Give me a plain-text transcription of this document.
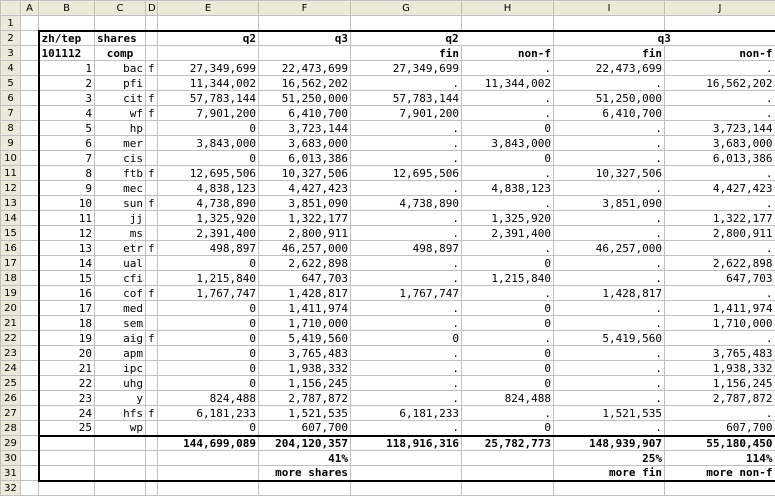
	A	B	C	D	E	F	G	H	I	J
1										
2		zh/tep	shares		q2	q3	q2		q3	
3		101112	comp				fin	non-f	fin	non-f
4		1	bac	f	27,349,699	22,473,699	27,349,699	.	22,473,699	.
5		2	pfi		11,344,002	16,562,202	.	11,344,002	.	16,562,202
6		3	cit	f	57,783,144	51,250,000	57,783,144	.	51,250,000	.
7		4	wf	f	7,901,200	6,410,700	7,901,200	.	6,410,700	.
8		5	hp		0	3,723,144	.	0	.	3,723,144
9		6	mer		3,843,000	3,683,000	.	3,843,000	.	3,683,000
10		7	cis		0	6,013,386	.	0	.	6,013,386
11		8	ftb	f	12,695,506	10,327,506	12,695,506	.	10,327,506	.
12		9	mec		4,838,123	4,427,423	.	4,838,123	.	4,427,423
13		10	sun	f	4,738,890	3,851,090	4,738,890	.	3,851,090	.
14		11	jj		1,325,920	1,322,177	.	1,325,920	.	1,322,177
15		12	ms		2,391,400	2,800,911	.	2,391,400	.	2,800,911
16		13	etr	f	498,897	46,257,000	498,897	.	46,257,000	.
17		14	ual		0	2,622,898	.	0	.	2,622,898
18		15	cfi		1,215,840	647,703	.	1,215,840	.	647,703
19		16	cof	f	1,767,747	1,428,817	1,767,747	.	1,428,817	.
20		17	med		0	1,411,974	.	0	.	1,411,974
21		18	sem		0	1,710,000	.	0	.	1,710,000
22		19	aig	f	0	5,419,560	0	.	5,419,560	.
23		20	apm		0	3,765,483	.	0	.	3,765,483
24		21	ipc		0	1,938,332	.	0	.	1,938,332
25		22	uhg		0	1,156,245	.	0	.	1,156,245
26		23	y		824,488	2,787,872	.	824,488	.	2,787,872
27		24	hfs	f	6,181,233	1,521,535	6,181,233	.	1,521,535	.
28		25	wp		0	607,700	.	0	.	607,700
29					144,699,089	204,120,357	118,916,316	25,782,773	148,939,907	55,180,450
30						41%			25%	114%
31						more shares			more fin	more non-f
32										
